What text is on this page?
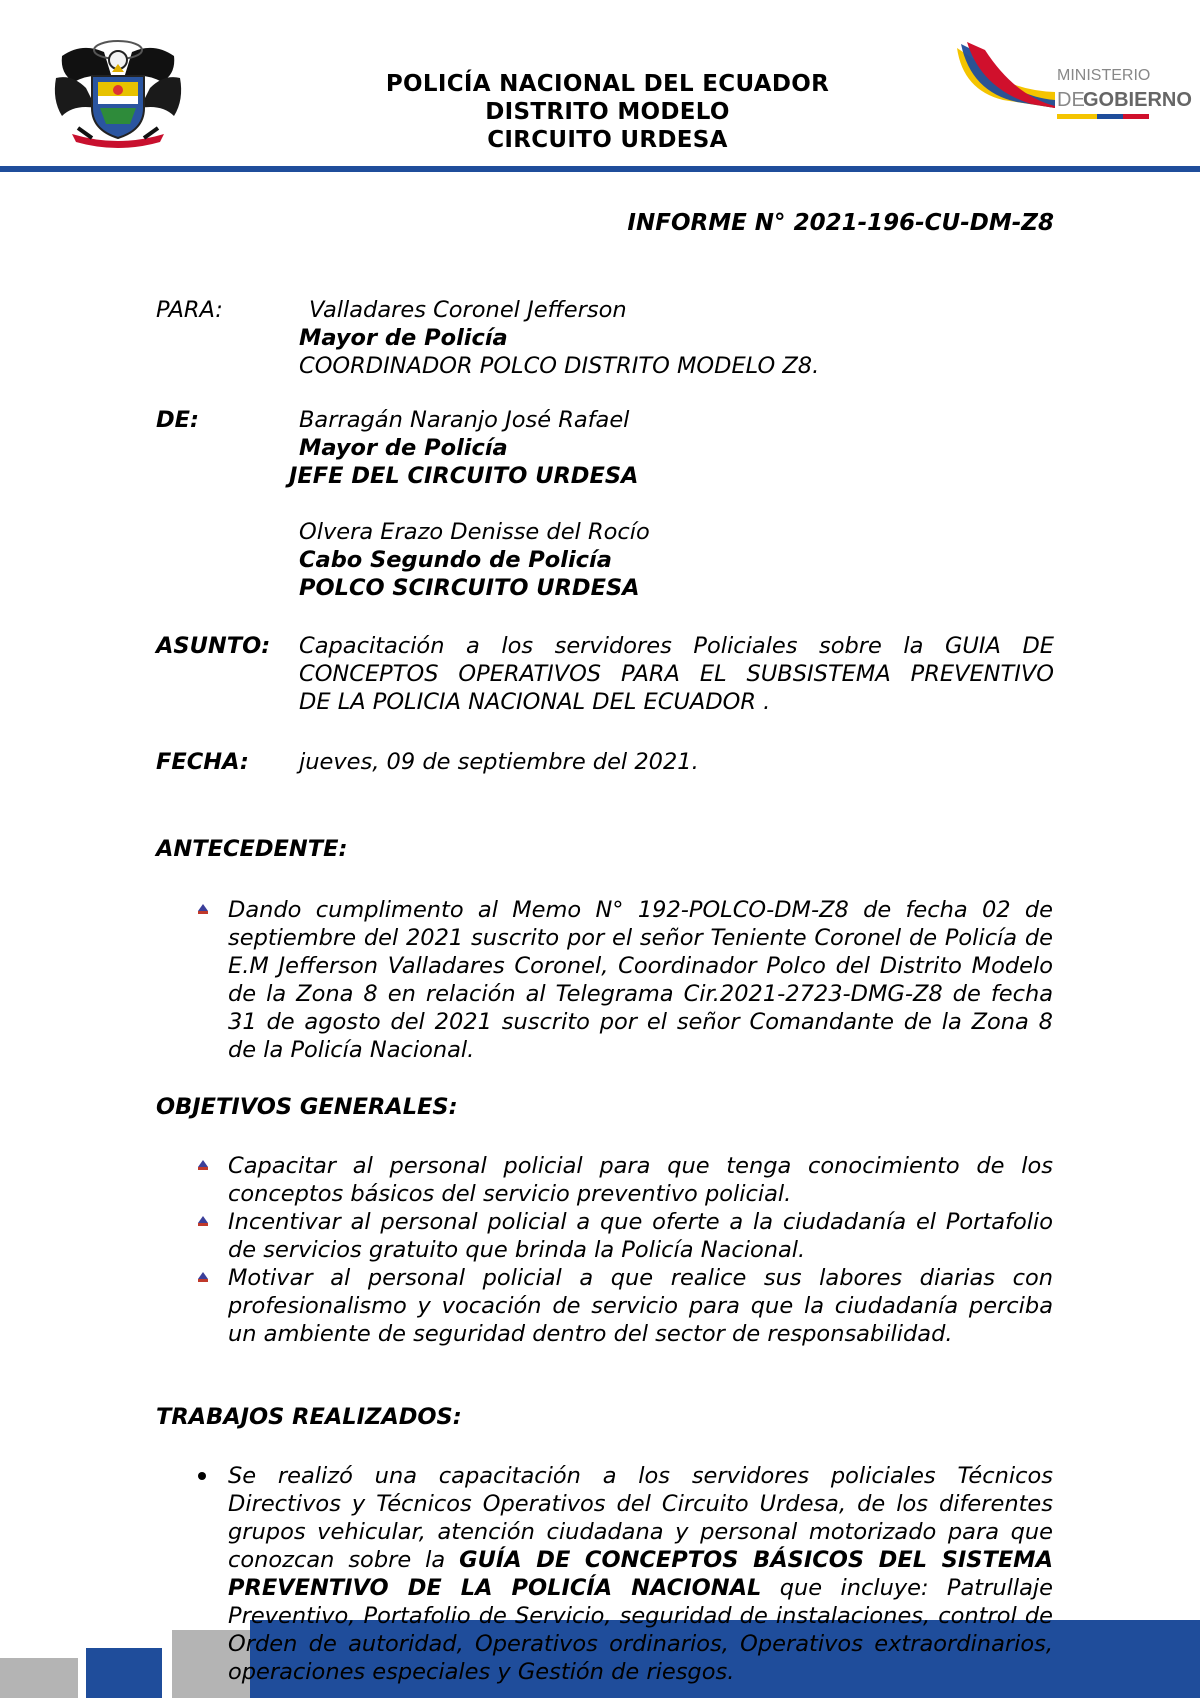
POLICÍA NACIONAL DEL ECUADOR
DISTRITO MODELO
CIRCUITO URDESA
MINISTERIO
DE
GOBIERNO
INFORME N° 2021-196-CU-DM-Z8
PARA:	Valladares Coronel Jefferson
Mayor de Policía
COORDINADOR POLCO DISTRITO MODELO Z8.
DE:	Barragán Naranjo José Rafael
Mayor de Policía
JEFE DEL CIRCUITO URDESA
Olvera Erazo Denisse del Rocío
Cabo Segundo de Policía
POLCO SCIRCUITO URDESA
ASUNTO: Capacitación a los servidores Policiales sobre la GUIA DE
CONCEPTOS OPERATIVOS PARA EL SUBSISTEMA PREVENTIVO
DE LA POLICIA NACIONAL DEL ECUADOR .
FECHA: jueves, 09 de septiembre del 2021.
ANTECEDENTE:
Dando cumplimento al Memo N° 192-POLCO-DM-Z8 de fecha 02 de septiembre del 2021 suscrito por el señor Teniente Coronel de Policía de E.M Jefferson Valladares Coronel, Coordinador Polco del Distrito Modelo de la Zona 8 en relación al Telegrama Cir.2021-2723-DMG-Z8 de fecha 31 de agosto del 2021 suscrito por el señor Comandante de la Zona 8 de la Policía Nacional.
OBJETIVOS GENERALES:
Capacitar al personal policial para que tenga conocimiento de los conceptos básicos del servicio preventivo policial.
Incentivar al personal policial a que oferte a la ciudadanía el Portafolio de servicios gratuito que brinda la Policía Nacional.
Motivar al personal policial a que realice sus labores diarias con profesionalismo y vocación de servicio para que la ciudadanía perciba un ambiente de seguridad dentro del sector de responsabilidad.
TRABAJOS REALIZADOS:
Se realizó una capacitación a los servidores policiales Técnicos Directivos y Técnicos Operativos del Circuito Urdesa, de los diferentes grupos vehicular, atención ciudadana y personal motorizado para que conozcan sobre la GUÍA DE CONCEPTOS BÁSICOS DEL SISTEMA PREVENTIVO DE LA POLICÍA NACIONAL que incluye: Patrullaje Preventivo, Portafolio de Servicio, seguridad de instalaciones, control de Orden de autoridad, Operativos ordinarios, Operativos extraordinarios, operaciones especiales y Gestión de riesgos.
